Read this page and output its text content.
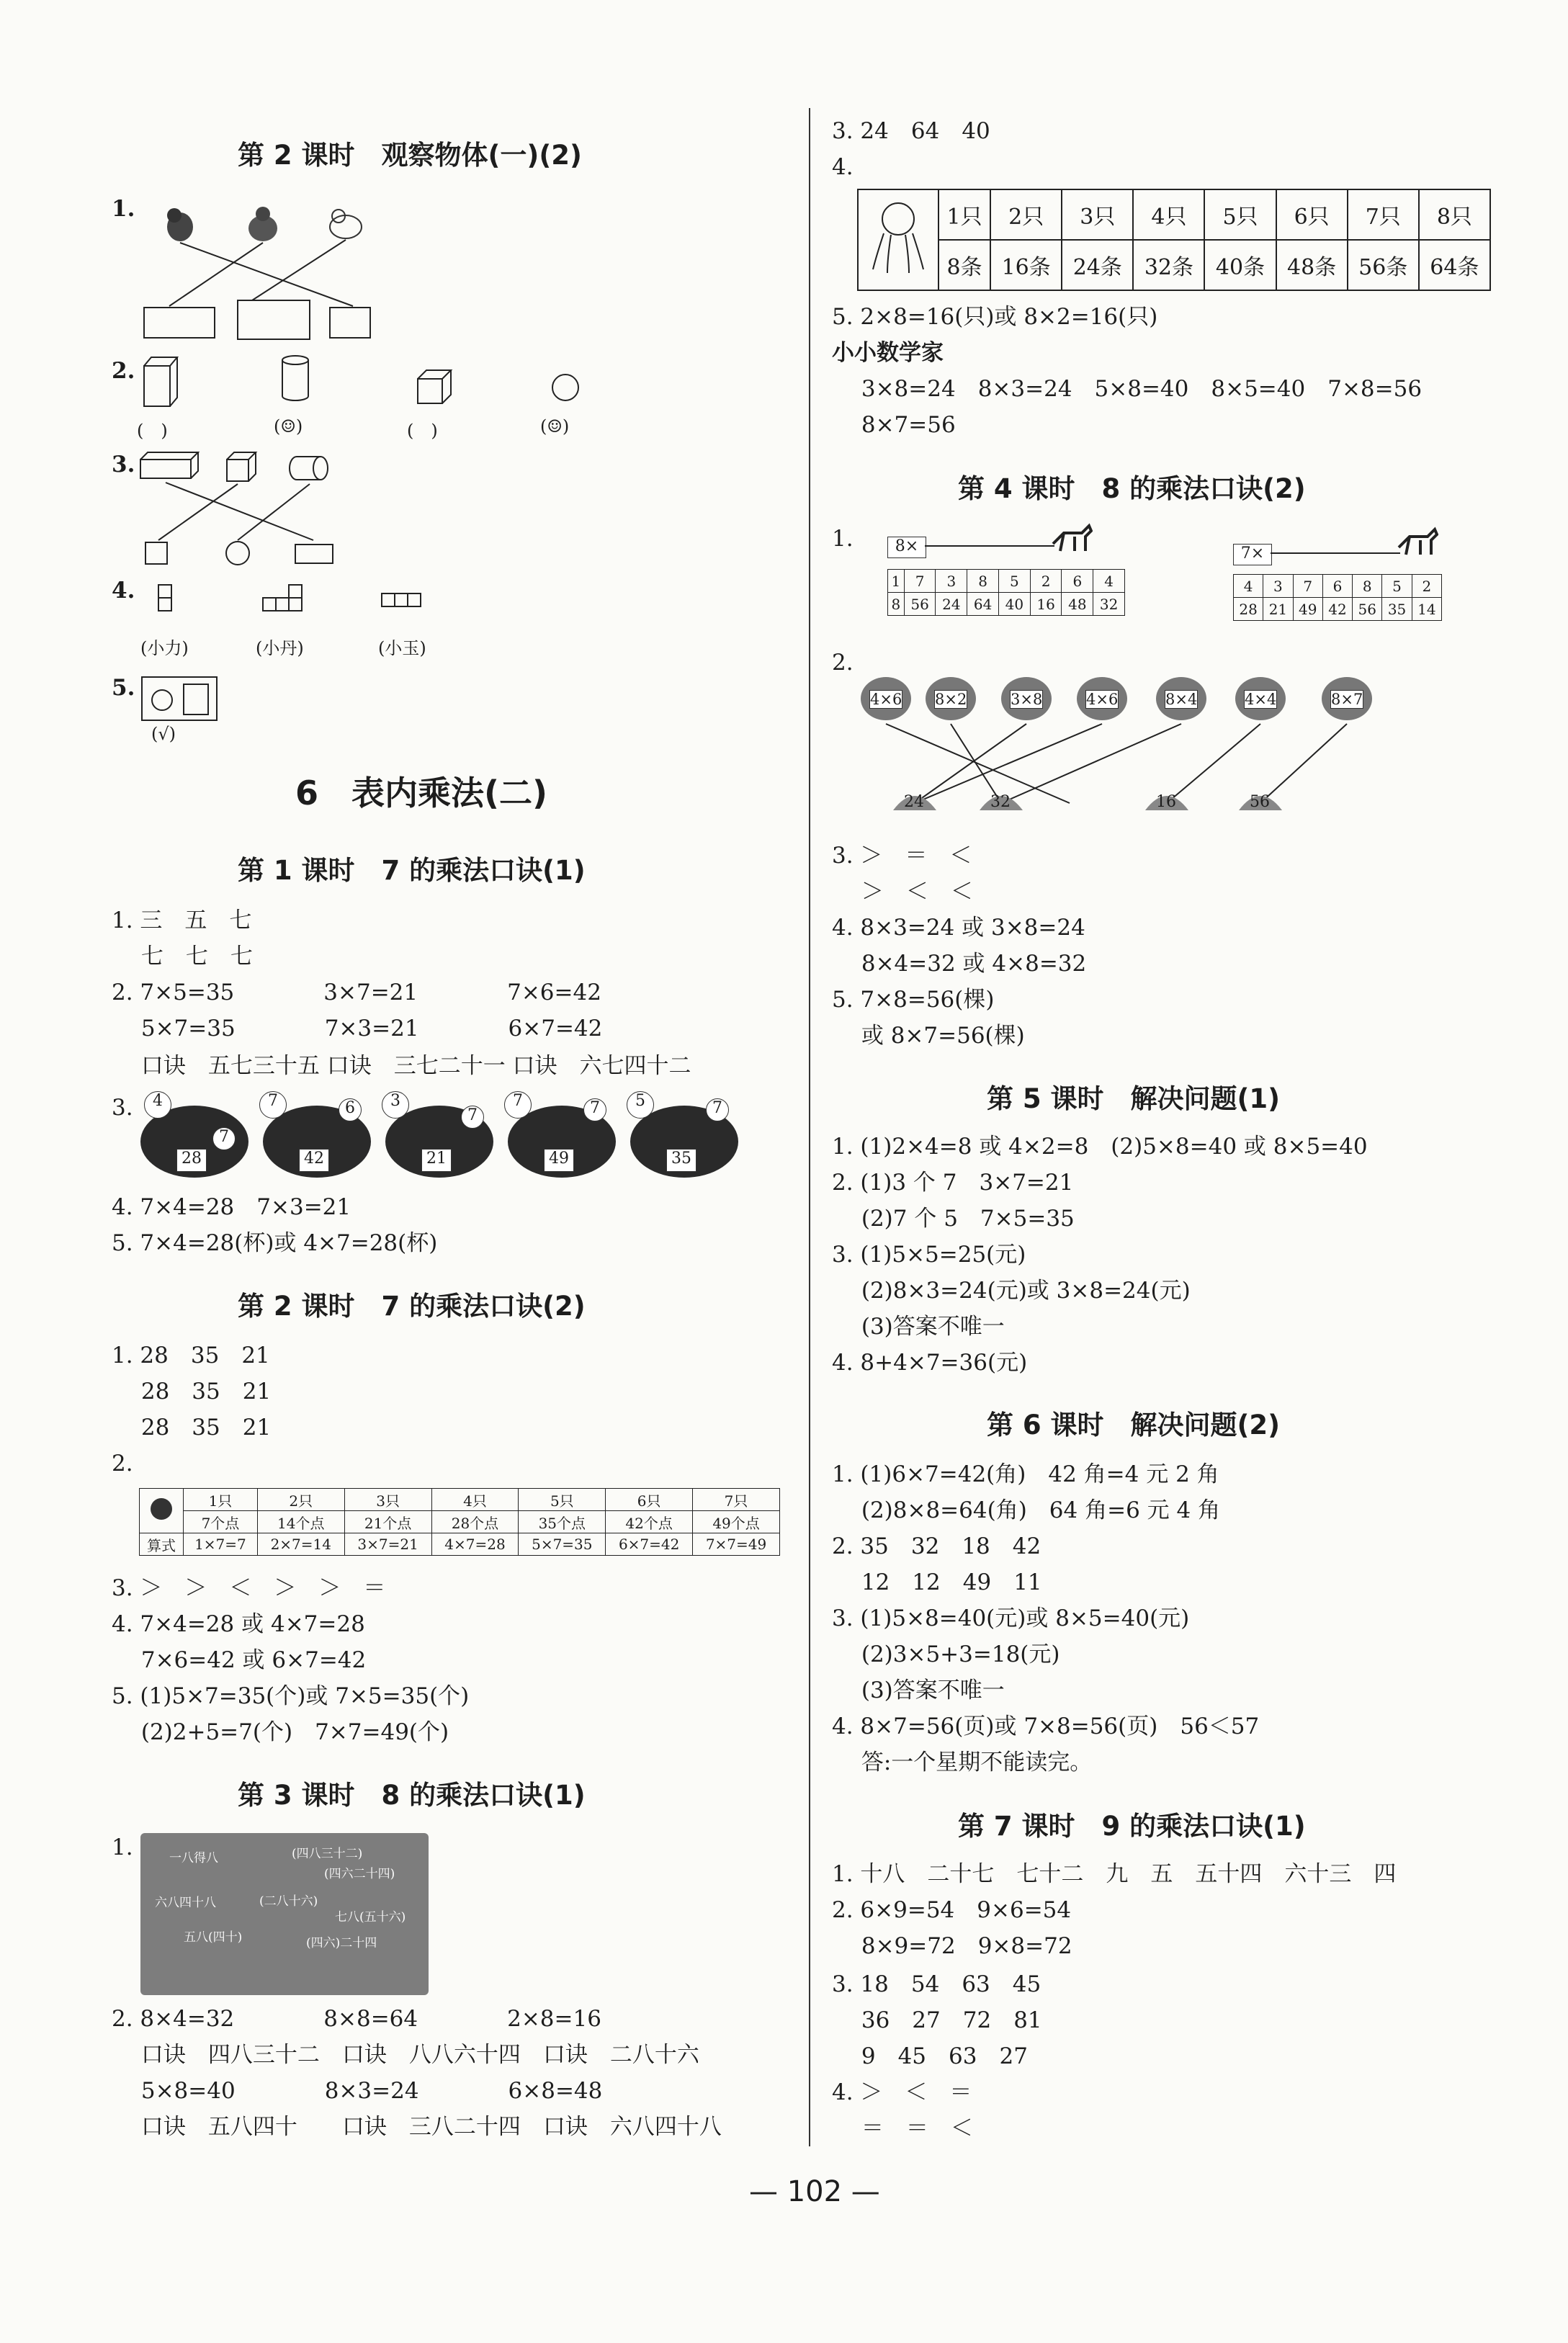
第 2 课时　观察物体(一)(2)
1.
2.
(　)	(☺)	(　)	(☺)
3.
4.
(小力)	(小丹)	(小玉)
5.
(√)
6　表内乘法(二)
第 1 课时　7 的乘法口诀(1)
1. 三　五　七
　 七　七　七
2. 7×5=35　　　　3×7=21　　　　7×6=42
　 5×7=35　　　　7×3=21　　　　6×7=42
　 口诀　五七三十五 口诀　三七二十一 口诀　六七四十二
3.	4
7
28
7	6
42
3
7
21
7	7
49
5	7
35
4. 7×4=28　7×3=21
5. 7×4=28(杯)或 4×7=28(杯)
第 2 课时　7 的乘法口诀(2)
1. 28　35　21
　 28　35　21
　 28　35　21
2.
	1只	2只	3只	4只	5只	6只	7只
	7个点	14个点	21个点	28个点	35个点	42个点	49个点
算式	1×7=7	2×7=14	3×7=21	4×7=28	5×7=35	6×7=42	7×7=49
3. ＞　＞　＜　＞　＞　＝
4. 7×4=28 或 4×7=28
　 7×6=42 或 6×7=42
5. (1)5×7=35(个)或 7×5=35(个)
　 (2)2+5=7(个)　7×7=49(个)
第 3 课时　8 的乘法口诀(1)
1.	一八得八	(四八三十二)
(四六二十四)
六八四十八	(二八十六)
七八(五十六)
五八(四十)	(四六)二十四
2. 8×4=32　　　　8×8=64　　　　2×8=16
　 口诀　四八三十二　口诀　八八六十四　口诀　二八十六
　 5×8=40　　　　8×3=24　　　　6×8=48
　 口诀　五八四十　　口诀　三八二十四　口诀　六八四十八
3. 24　64　40
4.
	1只	2只	3只	4只	5只	6只	7只	8只
	8条	16条	24条	32条	40条	48条	56条	64条
5. 2×8=16(只)或 8×2=16(只)
小小数学家
　 3×8=24　8×3=24　5×8=40　8×5=40　7×8=56
　 8×7=56
第 4 课时　8 的乘法口诀(2)
1.	8×
1	7	3	8	5	2	6	4
8	56	24	64	40	16	48	32
7×
4	3	7	6	8	5	2
28	21	49	42	56	35	14
2.
4×6 8×2	3×8	4×6	8×4	4×4	8×7
24	32	16	56
3. ＞　＝　＜
　 ＞　＜　＜
4. 8×3=24 或 3×8=24
　 8×4=32 或 4×8=32
5. 7×8=56(棵)
　 或 8×7=56(棵)
第 5 课时　解决问题(1)
1. (1)2×4=8 或 4×2=8　(2)5×8=40 或 8×5=40
2. (1)3 个 7　3×7=21
　 (2)7 个 5　7×5=35
3. (1)5×5=25(元)
　 (2)8×3=24(元)或 3×8=24(元)
　 (3)答案不唯一
4. 8+4×7=36(元)
第 6 课时　解决问题(2)
1. (1)6×7=42(角)　42 角=4 元 2 角
　 (2)8×8=64(角)　64 角=6 元 4 角
2. 35　32　18　42
　 12　12　49　11
3. (1)5×8=40(元)或 8×5=40(元)
　 (2)3×5+3=18(元)
　 (3)答案不唯一
4. 8×7=56(页)或 7×8=56(页)　56＜57
　 答:一个星期不能读完。
第 7 课时　9 的乘法口诀(1)
1. 十八　二十七　七十二　九　五　五十四　六十三　四
2. 6×9=54　9×6=54
　 8×9=72　9×8=72
3. 18　54　63　45
　 36　27　72　81
　 9　45　63　27
4. ＞　＜　＝
　 ＝　＝　＜
— 102 —
